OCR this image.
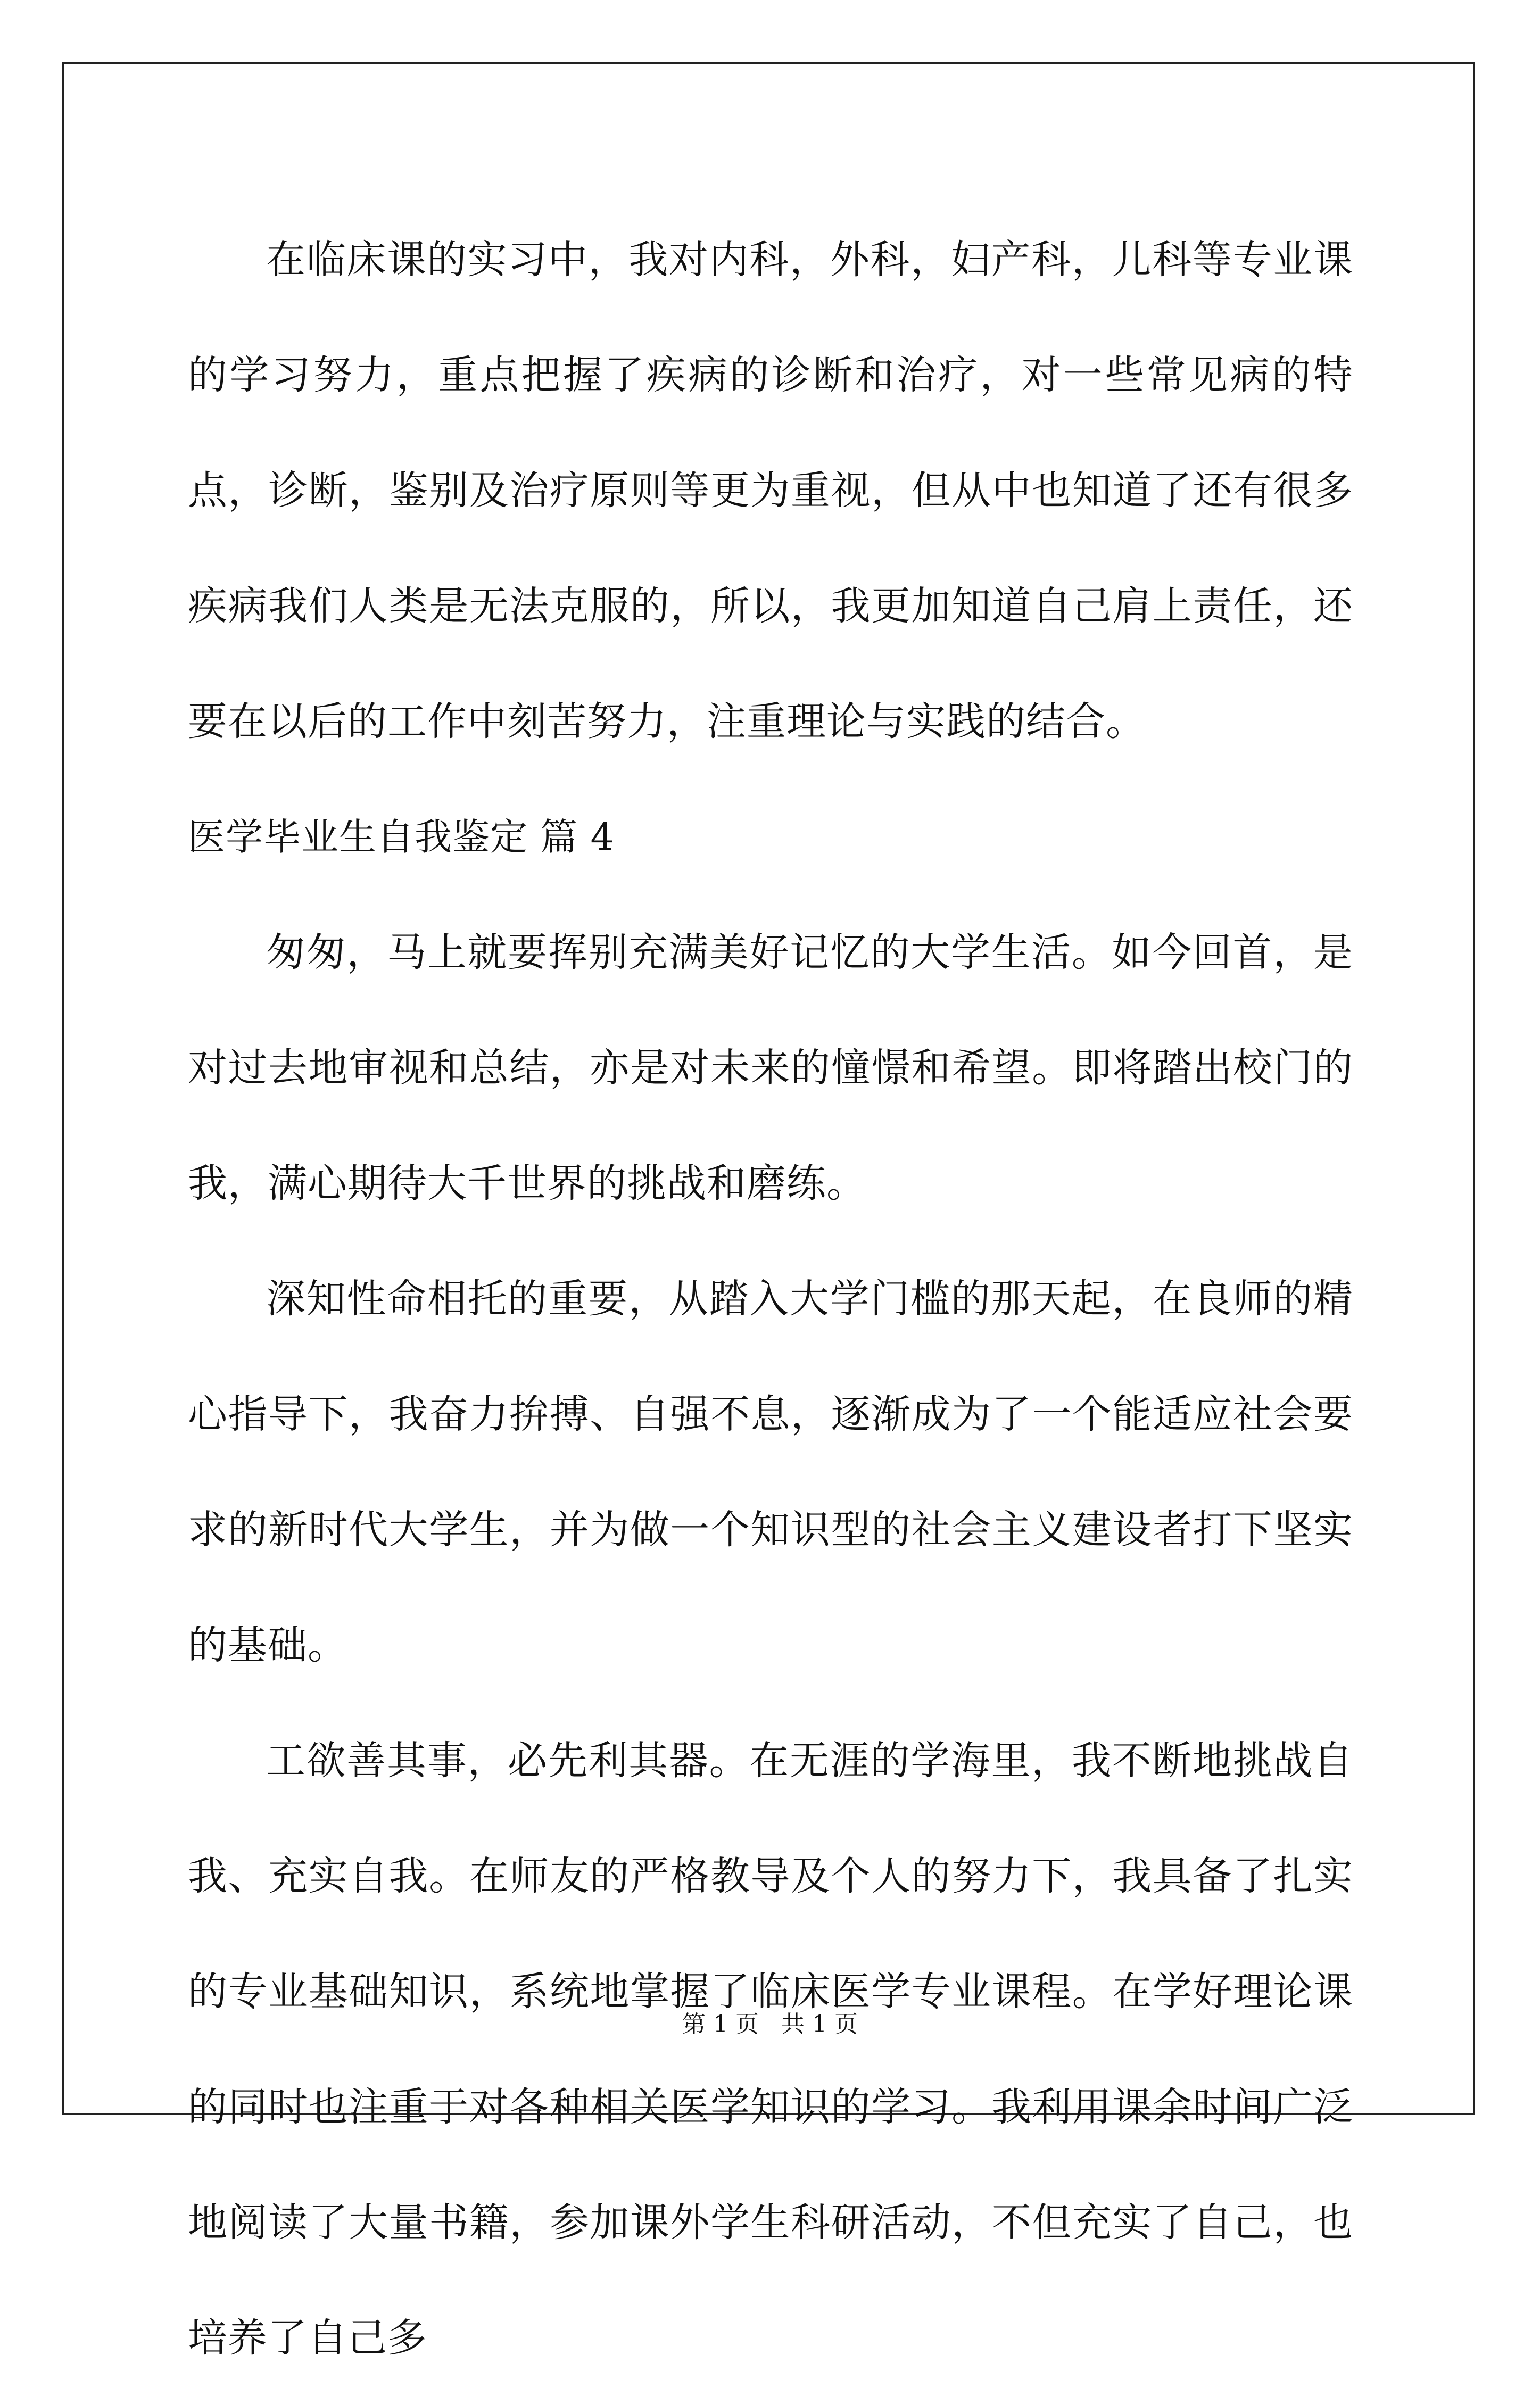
在临床课的实习中，我对内科，外科，妇产科，儿科等专业课的学习努力，重点把握了疾病的诊断和治疗，对一些常见病的特点，诊断，鉴别及治疗原则等更为重视，但从中也知道了还有很多疾病我们人类是无法克服的，所以，我更加知道自己肩上责任，还要在以后的工作中刻苦努力，注重理论与实践的结合。

医学毕业生自我鉴定 篇 4

匆匆，马上就要挥别充满美好记忆的大学生活。如今回首，是对过去地审视和总结，亦是对未来的憧憬和希望。即将踏出校门的我，满心期待大千世界的挑战和磨练。

深知性命相托的重要，从踏入大学门槛的那天起，在良师的精心指导下，我奋力拚搏、自强不息，逐渐成为了一个能适应社会要求的新时代大学生，并为做一个知识型的社会主义建设者打下坚实的基础。

工欲善其事，必先利其器。在无涯的学海里，我不断地挑战自我、充实自我。在师友的严格教导及个人的努力下，我具备了扎实的专业基础知识，系统地掌握了临床医学专业课程。在学好理论课的同时也注重于对各种相关医学知识的学习。我利用课余时间广泛地阅读了大量书籍，参加课外学生科研活动，不但充实了自己，也培养了自己多

第 1 页 共 1 页
